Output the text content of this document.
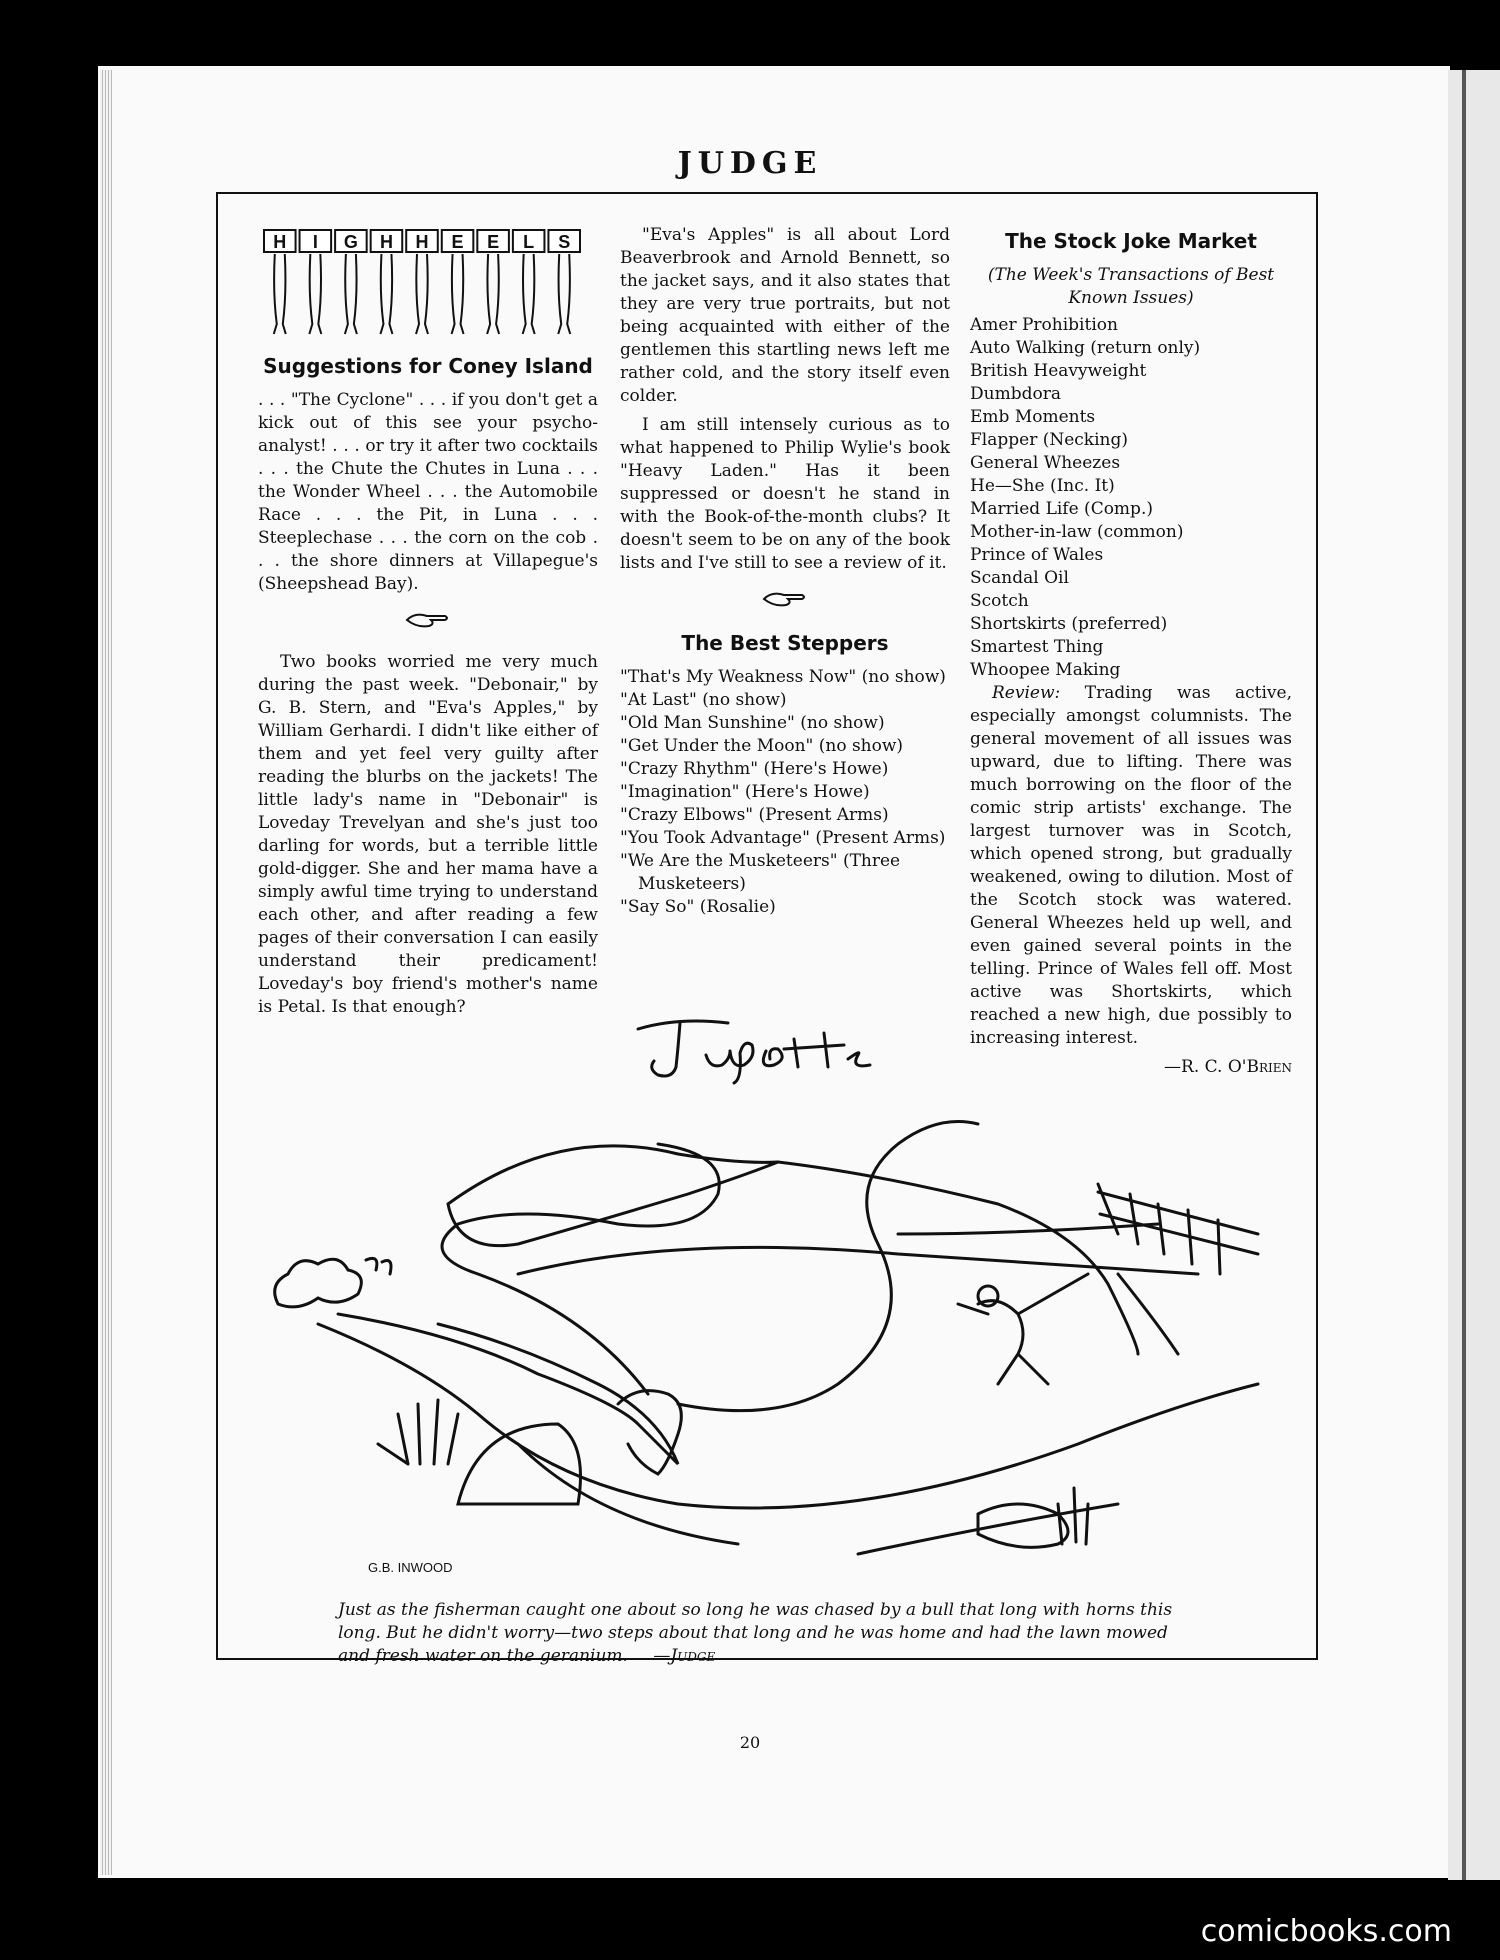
JUDGE
H I G H H E E L S
Suggestions for Coney Island

. . . "The Cyclone" . . . if you don't get a kick out of this see your psycho-analyst! . . . or try it after two cocktails . . . the Chute the Chutes in Luna . . . the Wonder Wheel . . . the Automobile Race . . . the Pit, in Luna . . . Steeplechase . . . the corn on the cob . . . the shore dinners at Villapegue's (Sheepshead Bay).

Two books worried me very much during the past week. "Debonair," by G. B. Stern, and "Eva's Apples," by William Gerhardi. I didn't like either of them and yet feel very guilty after reading the blurbs on the jackets! The little lady's name in "Debonair" is Loveday Trevelyan and she's just too darling for words, but a terrible little gold-digger. She and her mama have a simply awful time trying to understand each other, and after reading a few pages of their conversation I can easily understand their predicament! Loveday's boy friend's mother's name is Petal. Is that enough?

"Eva's Apples" is all about Lord Beaverbrook and Arnold Bennett, so the jacket says, and it also states that they are very true portraits, but not being acquainted with either of the gentlemen this startling news left me rather cold, and the story itself even colder.

I am still intensely curious as to what happened to Philip Wylie's book "Heavy Laden." Has it been suppressed or doesn't he stand in with the Book-of-the-month clubs? It doesn't seem to be on any of the book lists and I've still to see a review of it.

The Best Steppers
"That's My Weakness Now" (no show)
"At Last" (no show)
"Old Man Sunshine" (no show)
"Get Under the Moon" (no show)
"Crazy Rhythm" (Here's Howe)
"Imagination" (Here's Howe)
"Crazy Elbows" (Present Arms)
"You Took Advantage" (Present Arms)
"We Are the Musketeers" (Three Musketeers)
"Say So" (Rosalie)
The Stock Joke Market
(The Week's Transactions of Best Known Issues)
Amer Prohibition
Auto Walking (return only)
British Heavyweight
Dumbdora
Emb Moments
Flapper (Necking)
General Wheezes
He—She (Inc. It)
Married Life (Comp.)
Mother-in-law (common)
Prince of Wales
Scandal Oil
Scotch
Shortskirts (preferred)
Smartest Thing
Whoopee Making

Review: Trading was active, especially amongst columnists. The general movement of all issues was upward, due to lifting. There was much borrowing on the floor of the comic strip artists' exchange. The largest turnover was in Scotch, which opened strong, but gradually weakened, owing to dilution. Most of the Scotch stock was watered. General Wheezes held up well, and even gained several points in the telling. Prince of Wales fell off. Most active was Shortskirts, which reached a new high, due possibly to increasing interest.

—R. C. O'Brien
G.B. INWOOD
Just as the fisherman caught one about so long he was chased by a bull that long with horns this long. But he didn't worry—two steps about that long and he was home and had the lawn mowed and fresh water on the geranium. —Judge
20
comicbooks.com
